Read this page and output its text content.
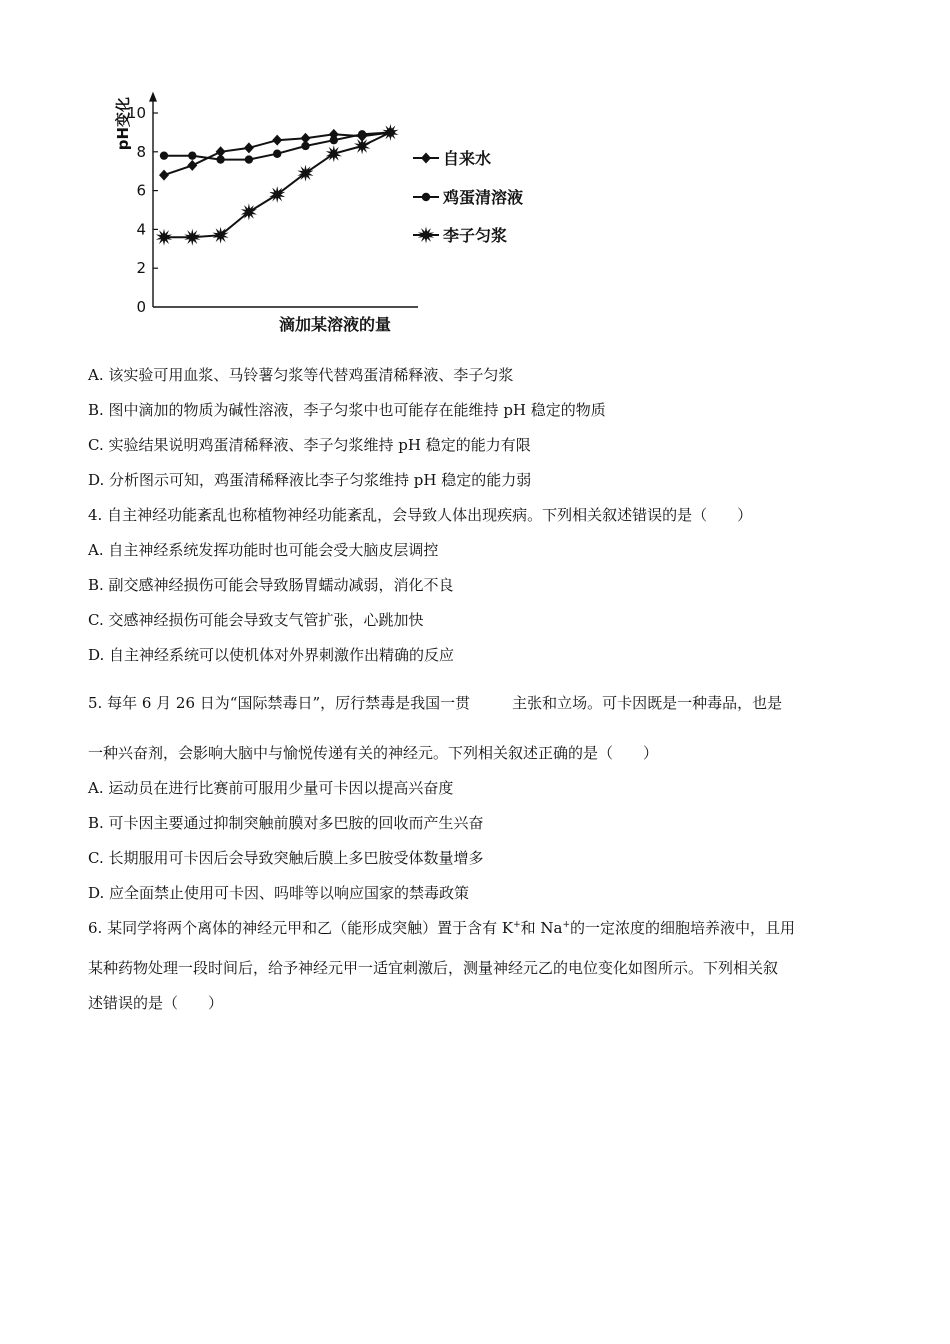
0
2
4
6
8
10
pH变化
滴加某溶液的量
自来水
鸡蛋清溶液
李子匀浆
A. 该实验可用血浆、马铃薯匀浆等代替鸡蛋清稀释液、李子匀浆
B. 图中滴加的物质为碱性溶液，李子匀浆中也可能存在能维持 pH 稳定的物质
C. 实验结果说明鸡蛋清稀释液、李子匀浆维持 pH 稳定的能力有限
D. 分析图示可知，鸡蛋清稀释液比李子匀浆维持 pH 稳定的能力弱
4. 自主神经功能紊乱也称植物神经功能紊乱，会导致人体出现疾病。下列相关叙述错误的是（　　）
A. 自主神经系统发挥功能时也可能会受大脑皮层调控
B. 副交感神经损伤可能会导致肠胃蠕动减弱，消化不良
C. 交感神经损伤可能会导致支气管扩张，心跳加快
D. 自主神经系统可以使机体对外界刺激作出精确的反应
5. 每年 6 月 26 日为“国际禁毒日”，厉行禁毒是我国一贯	主张和立场。可卡因既是一种毒品，也是
一种兴奋剂，会影响大脑中与愉悦传递有关的神经元。下列相关叙述正确的是（　　）
A. 运动员在进行比赛前可服用少量可卡因以提高兴奋度
B. 可卡因主要通过抑制突触前膜对多巴胺的回收而产生兴奋
C. 长期服用可卡因后会导致突触后膜上多巴胺受体数量增多
D. 应全面禁止使用可卡因、吗啡等以响应国家的禁毒政策
6. 某同学将两个离体的神经元甲和乙（能形成突触）置于含有 K+和 Na+的一定浓度的细胞培养液中，且用
某种药物处理一段时间后，给予神经元甲一适宜刺激后，测量神经元乙的电位变化如图所示。下列相关叙
述错误的是（　　）
